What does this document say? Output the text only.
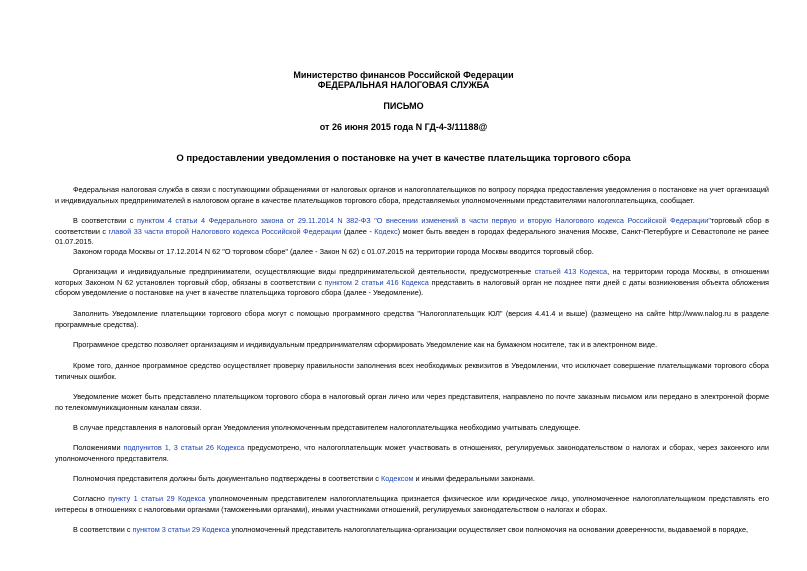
Министерство финансов Российской Федерации
ФЕДЕРАЛЬНАЯ НАЛОГОВАЯ СЛУЖБА
ПИСЬМО
от 26 июня 2015 года N ГД-4-3/11188@
О предоставлении уведомления о постановке на учет в качестве плательщика торгового сбора

Федеральная налоговая служба в связи с поступающими обращениями от налоговых органов и налогоплательщиков по вопросу порядка предоставления уведомления о постановке на учет организаций и индивидуальных предпринимателей в налоговом органе в качестве плательщиков торгового сбора, представляемых уполномоченными представителями налогоплательщика, сообщает.

В соответствии с пунктом 4 статьи 4 Федерального закона от 29.11.2014 N 382-ФЗ "О внесении изменений в части первую и вторую Налогового кодекса Российской Федерации"торговый сбор в соответствии с главой 33 части второй Налогового кодекса Российской Федерации (далее - Кодекс) может быть введен в городах федерального значения Москве, Санкт-Петербурге и Севастополе не ранее 01.07.2015.

Законом города Москвы от 17.12.2014 N 62 "О торговом сборе" (далее - Закон N 62) с 01.07.2015 на территории города Москвы вводится торговый сбор.

Организации и индивидуальные предприниматели, осуществляющие виды предпринимательской деятельности, предусмотренные статьей 413 Кодекса, на территории города Москвы, в отношении которых Законом N 62 установлен торговый сбор, обязаны в соответствии с пунктом 2 статьи 416 Кодекса представить в налоговый орган не позднее пяти дней с даты возникновения объекта обложения сбором уведомление о постановке на учет в качестве плательщика торгового сбора (далее - Уведомление).

Заполнить Уведомление плательщики торгового сбора могут с помощью программного средства "Налогоплательщик ЮЛ" (версия 4.41.4 и выше) (размещено на сайте http://www.nalog.ru в разделе программные средства).

Программное средство позволяет организациям и индивидуальным предпринимателям сформировать Уведомление как на бумажном носителе, так и в электронном виде.

Кроме того, данное программное средство осуществляет проверку правильности заполнения всех необходимых реквизитов в Уведомлении, что исключает совершение плательщиками торгового сбора типичных ошибок.

Уведомление может быть представлено плательщиком торгового сбора в налоговый орган лично или через представителя, направлено по почте заказным письмом или передано в электронной форме по телекоммуникационным каналам связи.

В случае представления в налоговый орган Уведомления уполномоченным представителем налогоплательщика необходимо учитывать следующее.

Положениями подпунктов 1, 3 статьи 26 Кодекса предусмотрено, что налогоплательщик может участвовать в отношениях, регулируемых законодательством о налогах и сборах, через законного или уполномоченного представителя.

Полномочия представителя должны быть документально подтверждены в соответствии с Кодексом и иными федеральными законами.

Согласно пункту 1 статьи 29 Кодекса уполномоченным представителем налогоплательщика признается физическое или юридическое лицо, уполномоченное налогоплательщиком представлять его интересы в отношениях с налоговыми органами (таможенными органами), иными участниками отношений, регулируемых законодательством о налогах и сборах.

В соответствии с пунктом 3 статьи 29 Кодекса уполномоченный представитель налогоплательщика-организации осуществляет свои полномочия на основании доверенности, выдаваемой в порядке,
